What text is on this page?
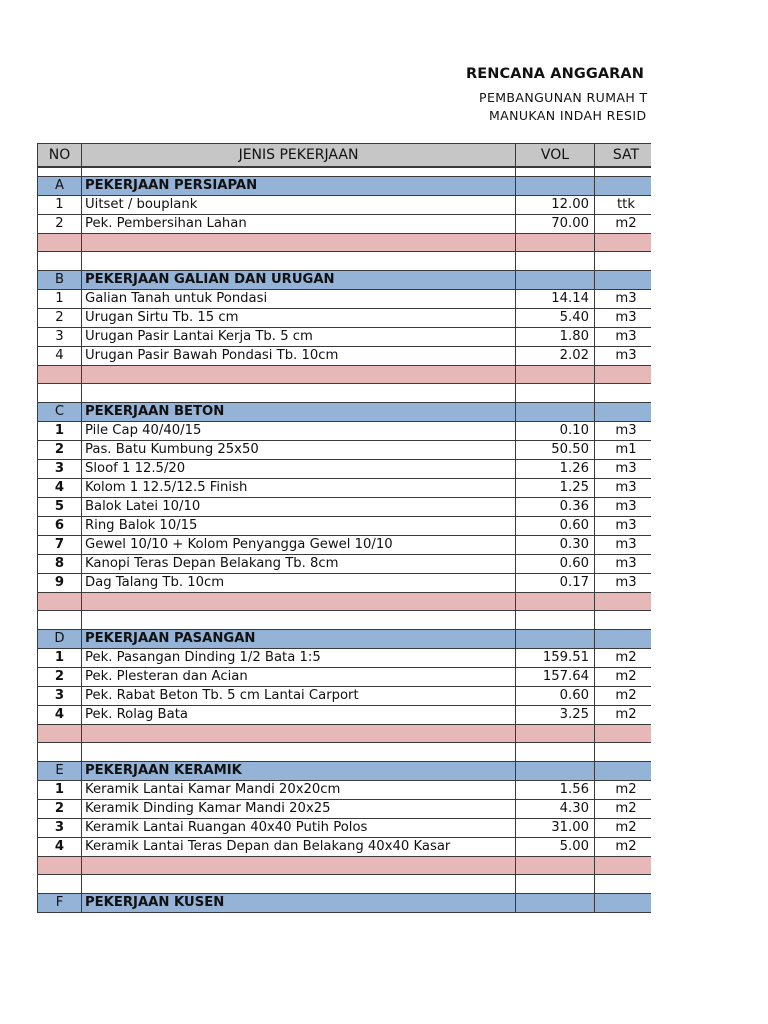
RENCANA ANGGARAN
PEMBANGUNAN RUMAH T
MANUKAN INDAH RESID
NO	JENIS PEKERJAAN	VOL	SAT

A	PEKERJAAN PERSIAPAN		
1	Uitset / bouplank	12.00	ttk
2	Pek. Pembersihan Lahan	70.00	m2

B	PEKERJAAN GALIAN DAN URUGAN		
1	Galian Tanah untuk Pondasi	14.14	m3
2	Urugan Sirtu Tb. 15 cm	5.40	m3
3	Urugan Pasir Lantai Kerja Tb. 5 cm	1.80	m3
4	Urugan Pasir Bawah Pondasi Tb. 10cm	2.02	m3

C	PEKERJAAN BETON		
1	Pile Cap 40/40/15	0.10	m3
2	Pas. Batu Kumbung 25x50	50.50	m1
3	Sloof 1 12.5/20	1.26	m3
4	Kolom 1 12.5/12.5 Finish	1.25	m3
5	Balok Latei 10/10	0.36	m3
6	Ring Balok 10/15	0.60	m3
7	Gewel 10/10 + Kolom Penyangga Gewel 10/10	0.30	m3
8	Kanopi Teras Depan Belakang Tb. 8cm	0.60	m3
9	Dag Talang Tb. 10cm	0.17	m3

D	PEKERJAAN PASANGAN		
1	Pek. Pasangan Dinding 1/2 Bata 1:5	159.51	m2
2	Pek. Plesteran dan Acian	157.64	m2
3	Pek. Rabat Beton Tb. 5 cm Lantai Carport	0.60	m2
4	Pek. Rolag Bata	3.25	m2

E	PEKERJAAN KERAMIK		
1	Keramik Lantai Kamar Mandi 20x20cm	1.56	m2
2	Keramik Dinding Kamar Mandi 20x25	4.30	m2
3	Keramik Lantai Ruangan 40x40 Putih Polos	31.00	m2
4	Keramik Lantai Teras Depan dan Belakang 40x40 Kasar	5.00	m2

F	PEKERJAAN KUSEN		
